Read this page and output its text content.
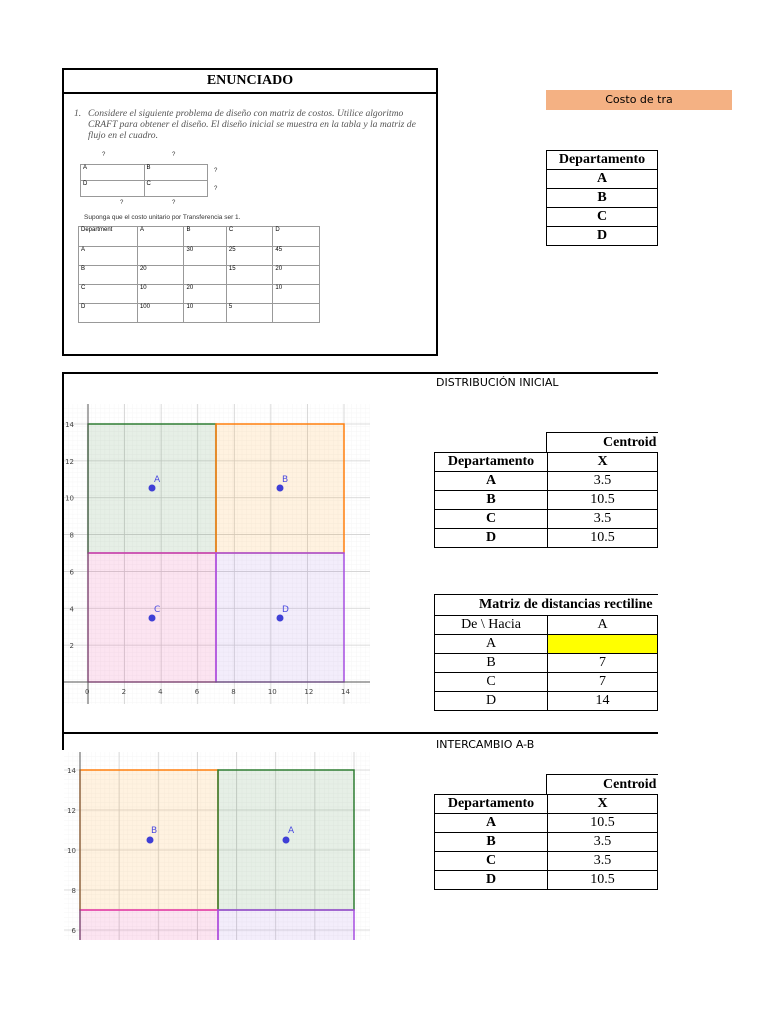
ENUNCIADO
1. Considere el siguiente problema de diseño con matriz de costos. Utilice algoritmo
CRAFT para obtener el diseño. El diseño inicial se muestra en la tabla y la matriz de
flujo en el cuadro.
?	?
?
?
?	?
A	B
D	C
Suponga que el costo unitario por Transferencia ser 1.
Department	A	B	C	D
A		30	25	45
B	20		15	20
C	10	20		10
D	100	10	5	
Costo de tra
Departamento
A
B
C
D
DISTRIBUCIÓN INICIAL
0	2	4	6	8	10	12	14
2
4
6
8
10
12
14
A	B
C	D
Centroid
Departamento	X
A	3.5
B	10.5
C	3.5
D	10.5
Matriz de distancias rectiline
De \ Hacia	A
A	
B	7
C	7
D	14
INTERCAMBIO A-B
6
8
10
12
14
B	A
Centroid
Departamento	X
A	10.5
B	3.5
C	3.5
D	10.5
